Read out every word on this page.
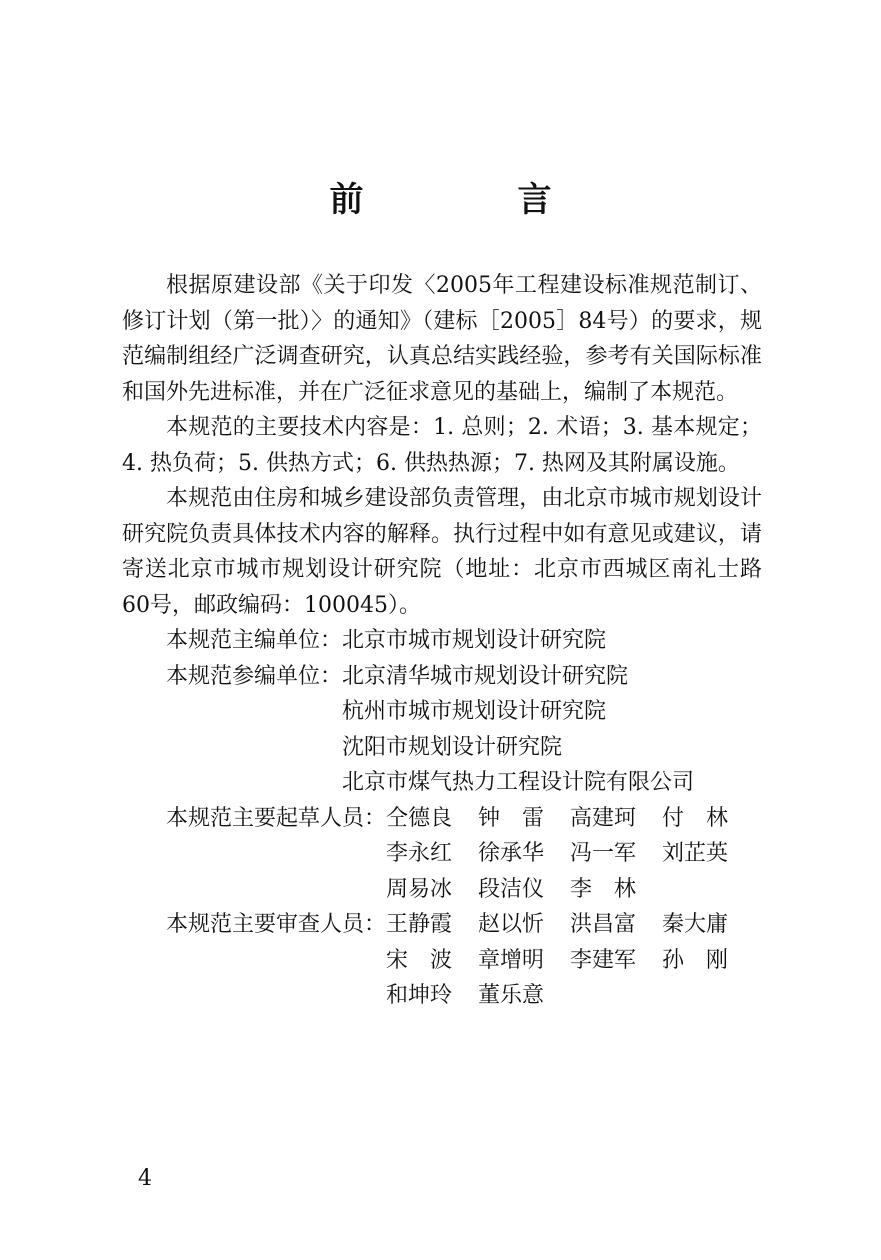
前　言

根据原建设部《关于印发〈2005年工程建设标准规范制订、修订计划（第一批）〉的通知》（建标［2005］84号）的要求，规范编制组经广泛调查研究，认真总结实践经验，参考有关国际标准和国外先进标准，并在广泛征求意见的基础上，编制了本规范。

本规范的主要技术内容是：1. 总则；2. 术语；3. 基本规定；4. 热负荷；5. 供热方式；6. 供热热源；7. 热网及其附属设施。

本规范由住房和城乡建设部负责管理，由北京市城市规划设计研究院负责具体技术内容的解释。执行过程中如有意见或建议，请寄送北京市城市规划设计研究院（地址：北京市西城区南礼士路60号，邮政编码：100045）。

本规范主编单位： 北京市城市规划设计研究院
本规范参编单位： 北京清华城市规划设计研究院
杭州市城市规划设计研究院
沈阳市规划设计研究院
北京市煤气热力工程设计院有限公司
本规范主要起草人员： 仝德良	钟　雷	高建珂	付　林
李永红	徐承华	冯一军	刘芷英
周易冰	段洁仪	李　林
本规范主要审查人员： 王静霞	赵以忻	洪昌富	秦大庸
宋　波	章增明	李建军	孙　刚
和坤玲	董乐意
4
